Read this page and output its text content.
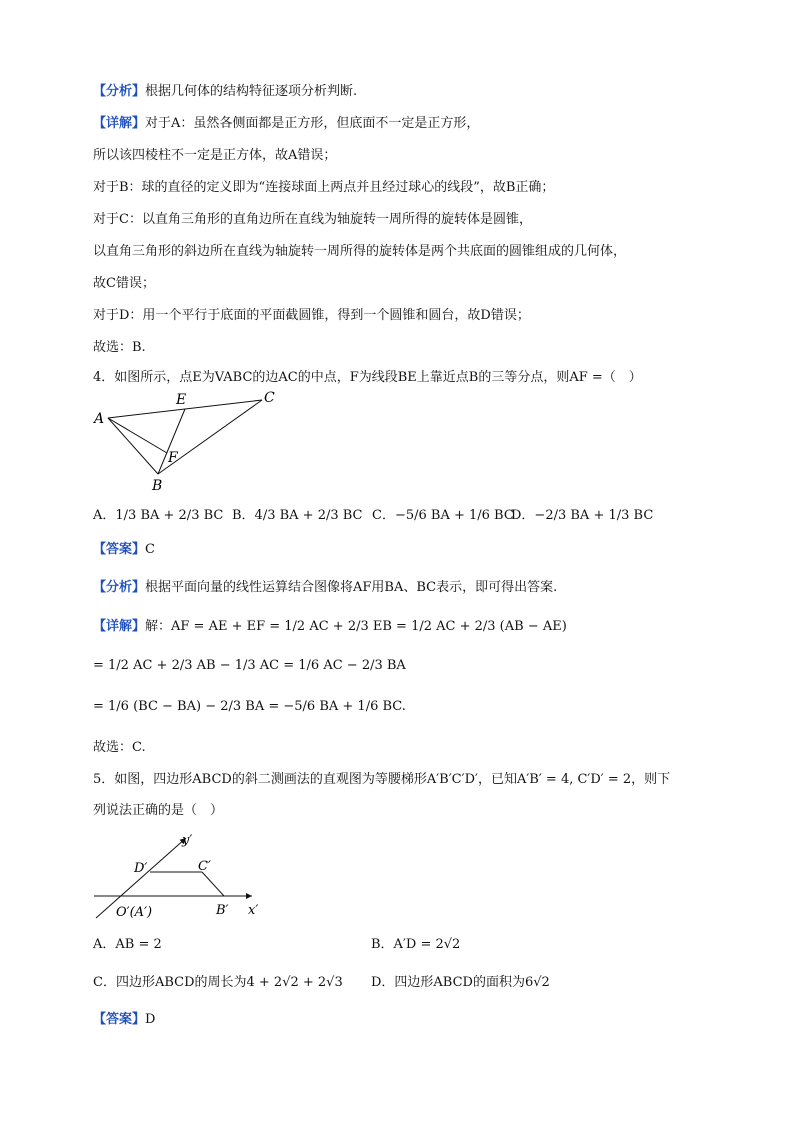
【分析】根据几何体的结构特征逐项分析判断.
【详解】对于A：虽然各侧面都是正方形，但底面不一定是正方形，
所以该四棱柱不一定是正方体，故A错误；
对于B：球的直径的定义即为“连接球面上两点并且经过球心的线段”，故B正确；
对于C：以直角三角形的直角边所在直线为轴旋转一周所得的旋转体是圆锥，
以直角三角形的斜边所在直线为轴旋转一周所得的旋转体是两个共底面的圆锥组成的几何体，
故C错误；
对于D：用一个平行于底面的平面截圆锥，得到一个圆锥和圆台，故D错误；
故选：B.
4．如图所示，点E为VABC的边AC的中点，F为线段BE上靠近点B的三等分点，则AF =（　）
A
E	C
F
B
A．1/3 BA + 2/3 BC B．4/3 BA + 2/3 BC C．−5/6 BA + 1/6 BC
D．−2/3 BA + 1/3 BC
【答案】C
【分析】根据平面向量的线性运算结合图像将AF用BA、BC表示，即可得出答案.
【详解】解：AF = AE + EF = 1/2 AC + 2/3 EB = 1/2 AC + 2/3 (AB − AE)
= 1/2 AC + 2/3 AB − 1/3 AC = 1/6 AC − 2/3 BA
= 1/6 (BC − BA) − 2/3 BA = −5/6 BA + 1/6 BC.
故选：C.
5．如图，四边形ABCD的斜二测画法的直观图为等腰梯形A′B′C′D′，已知A′B′ = 4, C′D′ = 2，则下
列说法正确的是（　）
y′
D′	C′
B′ x′
O′(A′)
A．AB = 2	B．A′D = 2√2
C．四边形ABCD的周长为4 + 2√2 + 2√3 D．四边形ABCD的面积为6√2
【答案】D
